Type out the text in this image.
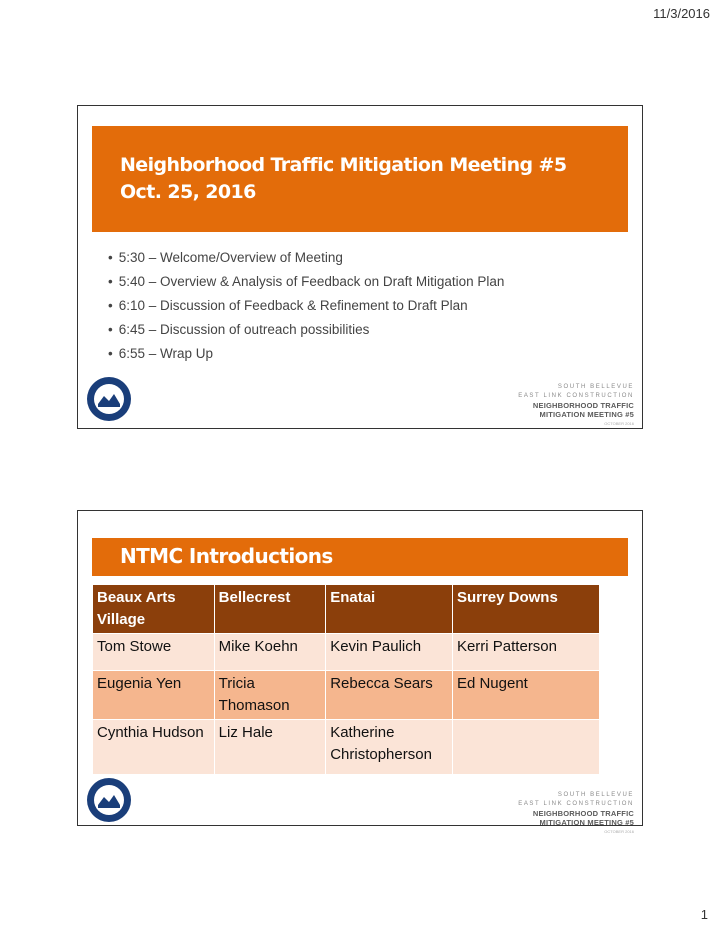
11/3/2016
Neighborhood Traffic Mitigation Meeting #5
Oct. 25, 2016
• 5:30 – Welcome/Overview of Meeting
• 5:40 – Overview & Analysis of Feedback on Draft Mitigation Plan
• 6:10 – Discussion of Feedback & Refinement to Draft Plan
• 6:45 – Discussion of outreach possibilities
• 6:55 – Wrap Up
SOUTH BELLEVUE
EAST LINK CONSTRUCTION
NEIGHBORHOOD TRAFFIC
MITIGATION MEETING #5
OCTOBER 2016
NTMC Introductions
Beaux Arts Village	Bellecrest	Enatai	Surrey Downs
Tom Stowe	Mike Koehn	Kevin Paulich	Kerri Patterson
Eugenia Yen	Tricia Thomason	Rebecca Sears	Ed Nugent
Cynthia Hudson	Liz Hale	Katherine Christopherson	
SOUTH BELLEVUE
EAST LINK CONSTRUCTION
NEIGHBORHOOD TRAFFIC
MITIGATION MEETING #5
OCTOBER 2016
1
